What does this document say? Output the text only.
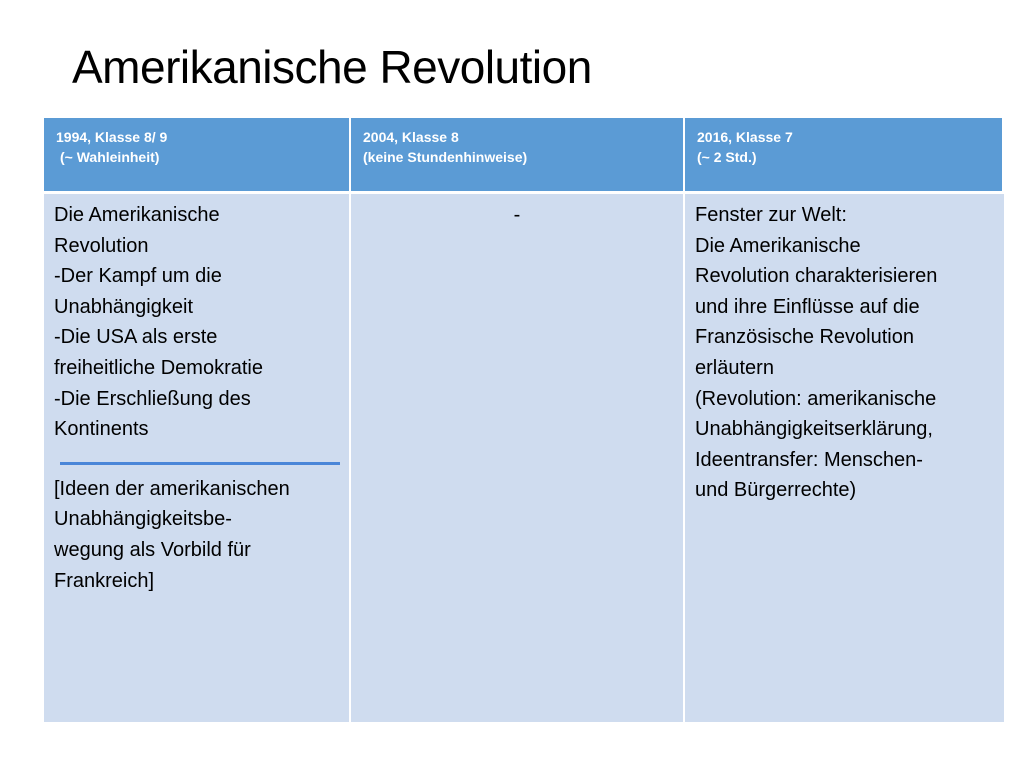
Amerikanische Revolution
1994, Klasse 8/ 9
(~ Wahleinheit)
2004, Klasse 8
(keine Stundenhinweise)
2016, Klasse 7
(~ 2 Std.)
Die Amerikanische
Revolution
-Der Kampf um die
Unabhängigkeit
-Die USA als erste
freiheitliche Demokratie
-Die Erschließung des
Kontinents
[Ideen der amerikanischen
Unabhängigkeitsbe-
wegung als Vorbild für
Frankreich]
-	Fenster zur Welt:
Die Amerikanische
Revolution charakterisieren
und ihre Einflüsse auf die
Französische Revolution
erläutern
(Revolution: amerikanische
Unabhängigkeitserklärung,
Ideentransfer: Menschen-
und Bürgerrechte)
